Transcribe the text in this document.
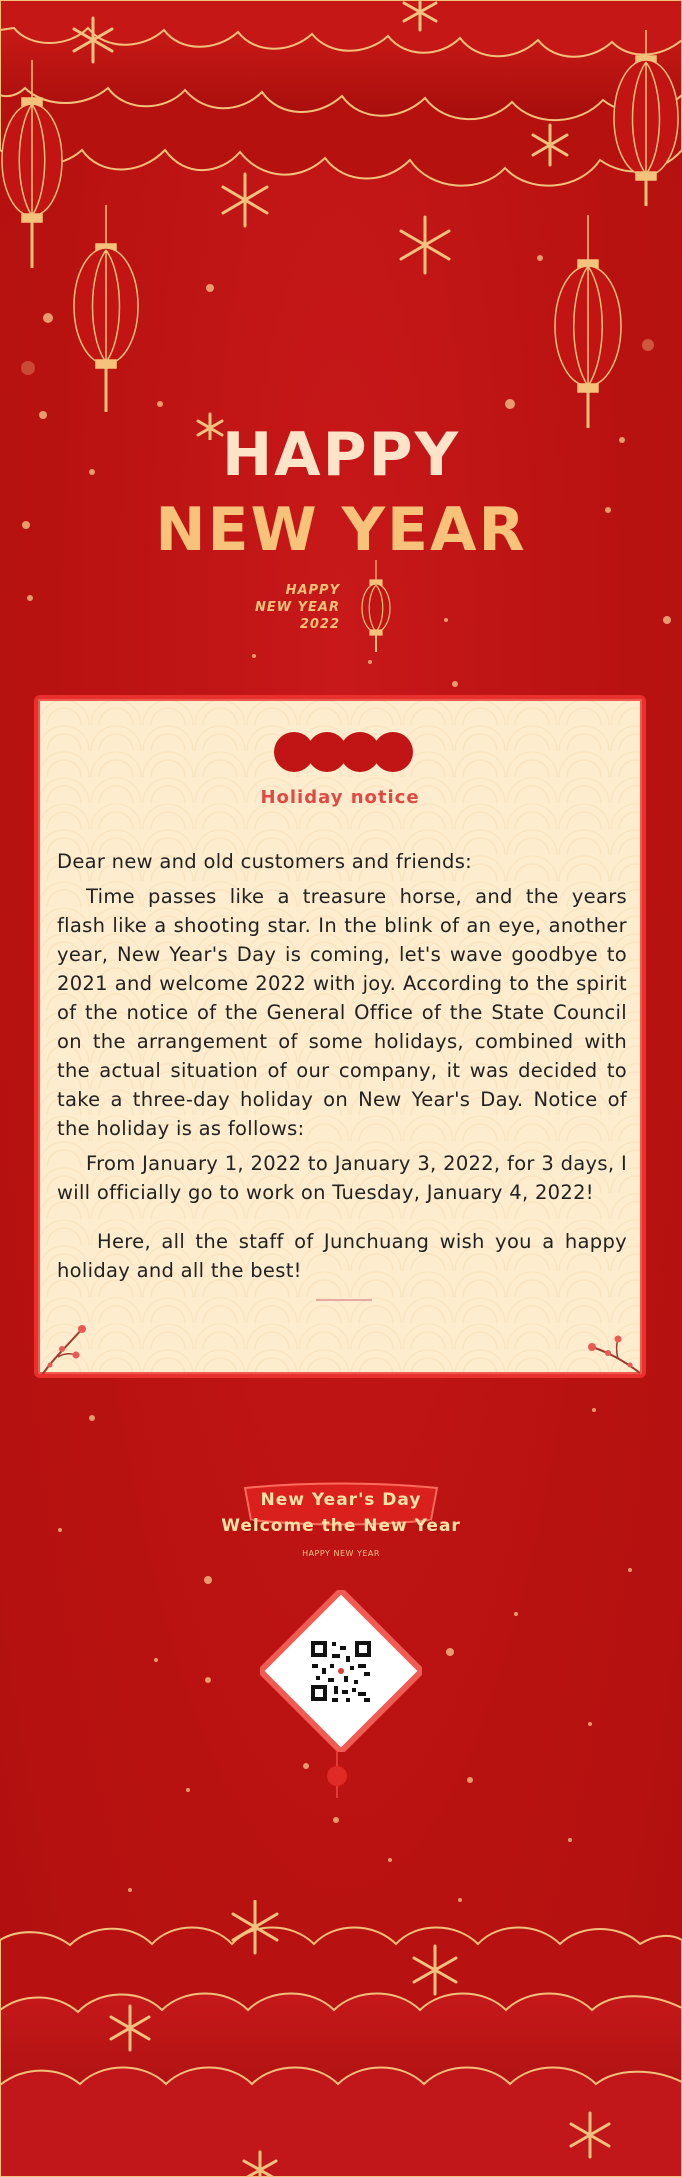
HAPPY
NEW YEAR
HAPPY
NEW YEAR
2022
Holiday notice

Dear new and old customers and friends:

Time passes like a treasure horse, and the years flash like a shooting star. In the blink of an eye, another year, New Year's Day is coming, let's wave goodbye to 2021 and welcome 2022 with joy. According to the spirit of the notice of the General Office of the State Council on the arrangement of some holidays, combined with the actual situation of our company, it was decided to take a three-day holiday on New Year's Day. Notice of the holiday is as follows:

From January 1, 2022 to January 3, 2022, for 3 days, I will officially go to work on Tuesday, January 4, 2022!

Here, all the staff of Junchuang wish you a happy holiday and all the best!

New Year's Day
Welcome the New Year
HAPPY NEW YEAR
